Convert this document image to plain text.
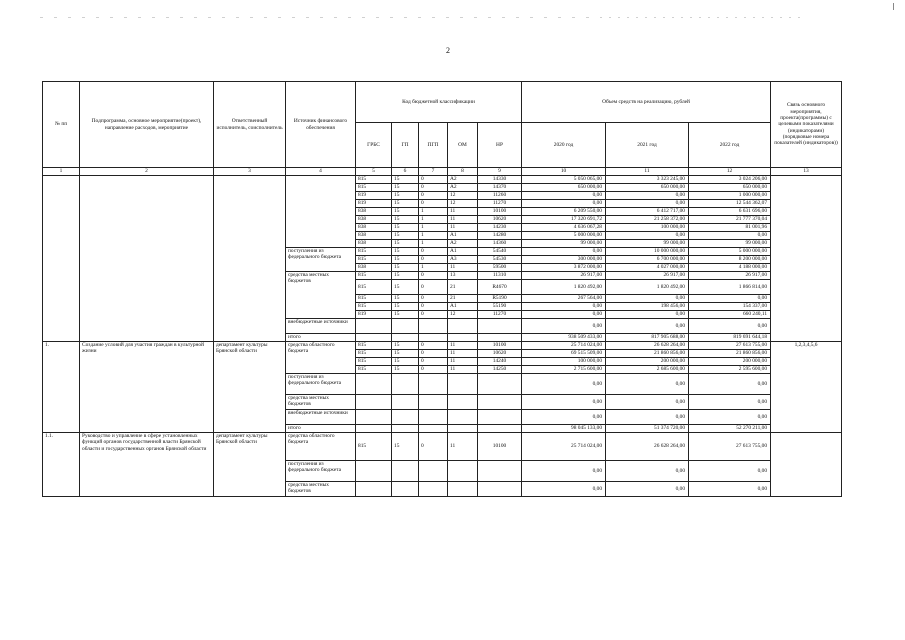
2
№ пп	Подпрограмма, основное мероприятие(проект), направление расходов, мероприятие	Ответственный исполнитель, соисполнитель	Источник финансового обеспечения	Код бюджетной классификации					Объем средств на реализацию, рублей			Связь основного мероприятия, проекта(программы) с целевыми показателями (индикаторами) (порядковые номера показателей (индикаторов))
				ГРБС	ГП	ПГП	ОМ	НР	2020 год	2021 год	2022 год	
1	2	3	4	5	6	7	8	9	10	11	12	13
				815	15	0	А2	14330	5 050 065,00	3 323 245,00	3 024 206,00	
				815	15	0	А2	14370	650 000,00	650 000,00	650 000,00	
				819	15	0	12	11260	0,00	0,00	1 000 000,00	
				819	15	0	12	11270	0,00	0,00	12 544 362,07	
				838	15	1	11	10100	6 209 550,00	6 412 717,00	6 631 696,00	
				838	15	1	11	10620	17 320 691,72	21 258 372,00	21 777 370,04	
				838	15	1	11	14230	4 636 067,28	100 000,00	81 001,96	
				838	15	1	А1	14280	5 000 000,00	0,00	0,00	
				838	15	1	А2	14360	99 000,00	99 000,00	99 000,00	
			поступления из федерального бюджета	815	15	0	А1	54540	0,00	10 000 000,00	5 000 000,00	
				815	15	0	А3	54530	300 000,00	6 700 000,00	8 200 000,00	
				838	15	1	11	59500	3 872 000,00	4 027 000,00	4 188 000,00	
			средства местных бюджетов	815	15	0	13	11310	26 917,00	26 917,00	26 917,00	
				815	15	0	21	R4670	1 820 492,00	1 820 492,00	1 866 814,00	
				815	15	0	21	R5190	267 564,00	0,00	0,00	
				815	15	0	А1	55190	0,00	198 456,00	154 337,00	
				819	15	0	12	11270	0,00	0,00	660 240,11	
			внебюджетные источники						0,00	0,00	0,00	
			итого						938 509 433,00	817 905 688,00	819 691 644,18	
1.	Создание условий для участия граждан в культурной жизни	департамент культуры Брянской области	средства областного бюджета	815	15	0	11	10100	25 714 024,00	26 628 264,00	27 613 755,00	1,2,3,4,5,6
				815	15	0	11	10620	69 515 509,00	21 860 856,00	21 860 856,00	
				815	15	0	11	14240	100 000,00	200 000,00	200 000,00	
				815	15	0	11	14250	2 715 600,00	2 685 600,00	2 595 600,00	
			поступления из федерального бюджета						0,00	0,00	0,00	
			средства местных бюджетов						0,00	0,00	0,00	
			внебюджетные источники						0,00	0,00	0,00	
			итого						98 045 133,00	51 374 720,00	52 270 211,00	
1.1.	Руководство и управление в сфере установленных функций органов государственной власти Брянской области и государственных органов Брянской области	департамент культуры Брянской области	средства областного бюджета	815	15	0	11	10100	25 714 024,00	26 628 264,00	27 613 755,00	
			поступления из федерального бюджета						0,00	0,00	0,00	
			средства местных бюджетов						0,00	0,00	0,00	
